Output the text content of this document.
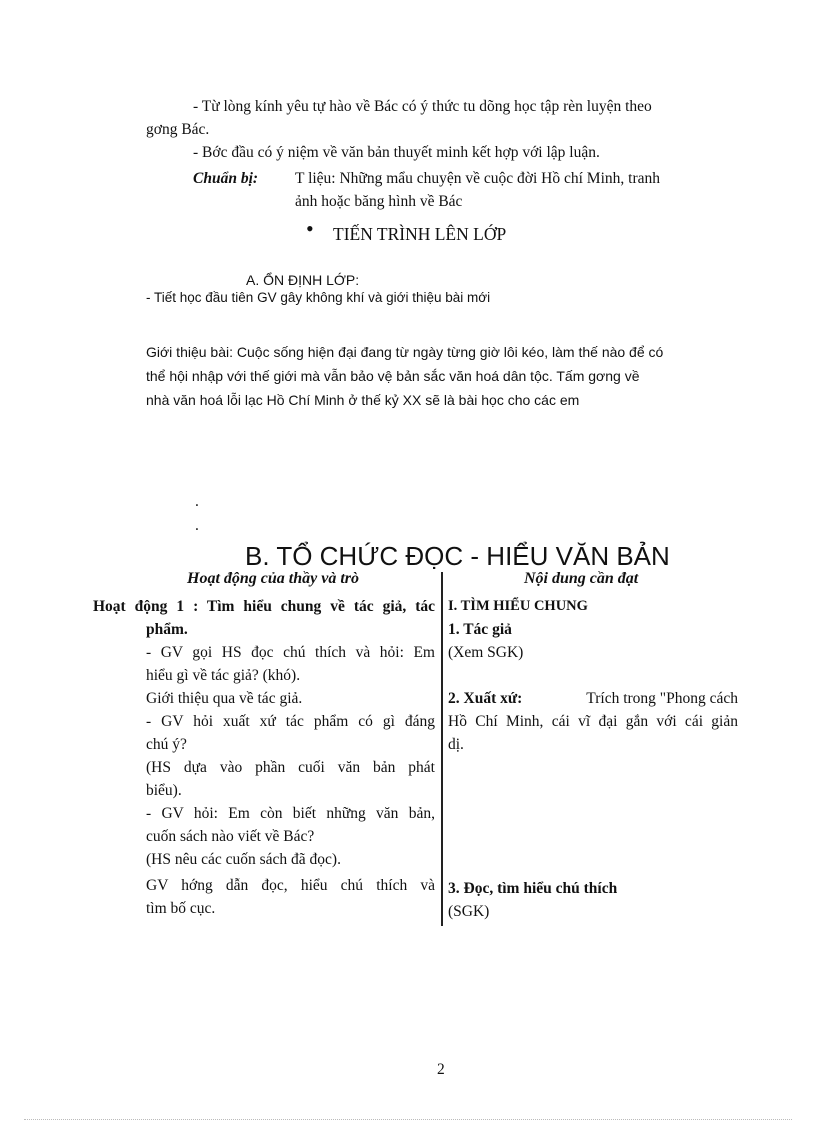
- Từ lòng kính yêu tự hào về Bác có ý thức tu dõng học tập rèn luyện theo
gơng Bác.
- Bớc đầu có ý niệm về văn bản thuyết minh kết hợp với lập luận.
Chuẩn bị: T liệu: Những mẩu chuyện về cuộc đời Hồ chí Minh, tranh
ảnh hoặc băng hình về Bác
• TIẾN TRÌNH LÊN LỚP
A. ỔN ĐỊNH LỚP:
- Tiết học đầu tiên GV gây không khí và giới thiệu bài mới
Giới thiệu bài: Cuộc sống hiện đại đang từ ngày từng giờ lôi kéo, làm thế nào để có
thể hội nhập với thế giới mà vẫn bảo vệ bản sắc văn hoá dân tộc. Tấm gơng về
nhà văn hoá lỗi lạc Hồ Chí Minh ở thế kỷ XX sẽ là bài học cho các em
.
.
B. TỔ CHỨC ĐỌC - HIỂU VĂN BẢN
Hoạt động của thầy và trò	Nội dung cần đạt
Hoạt động 1 : Tìm hiểu chung về tác giả, tác
phẩm.
- GV gọi HS đọc chú thích và hỏi: Em
hiểu gì về tác giả? (khó).
Giới thiệu qua về tác giả.
- GV hỏi xuất xứ tác phẩm có gì đáng
chú ý?
(HS dựa vào phần cuối văn bản phát
biểu).
- GV hỏi: Em còn biết những văn bản,
cuốn sách nào viết về Bác?
(HS nêu các cuốn sách đã đọc).
GV hớng dẫn đọc, hiểu chú thích và
tìm bố cục.
I. TÌM HIỂU CHUNG
1. Tác giả
(Xem SGK)
2. Xuất xứ:	Trích trong "Phong cách
Hồ Chí Minh, cái vĩ đại gắn với cái giản
dị.
3. Đọc, tìm hiểu chú thích
(SGK)
2
